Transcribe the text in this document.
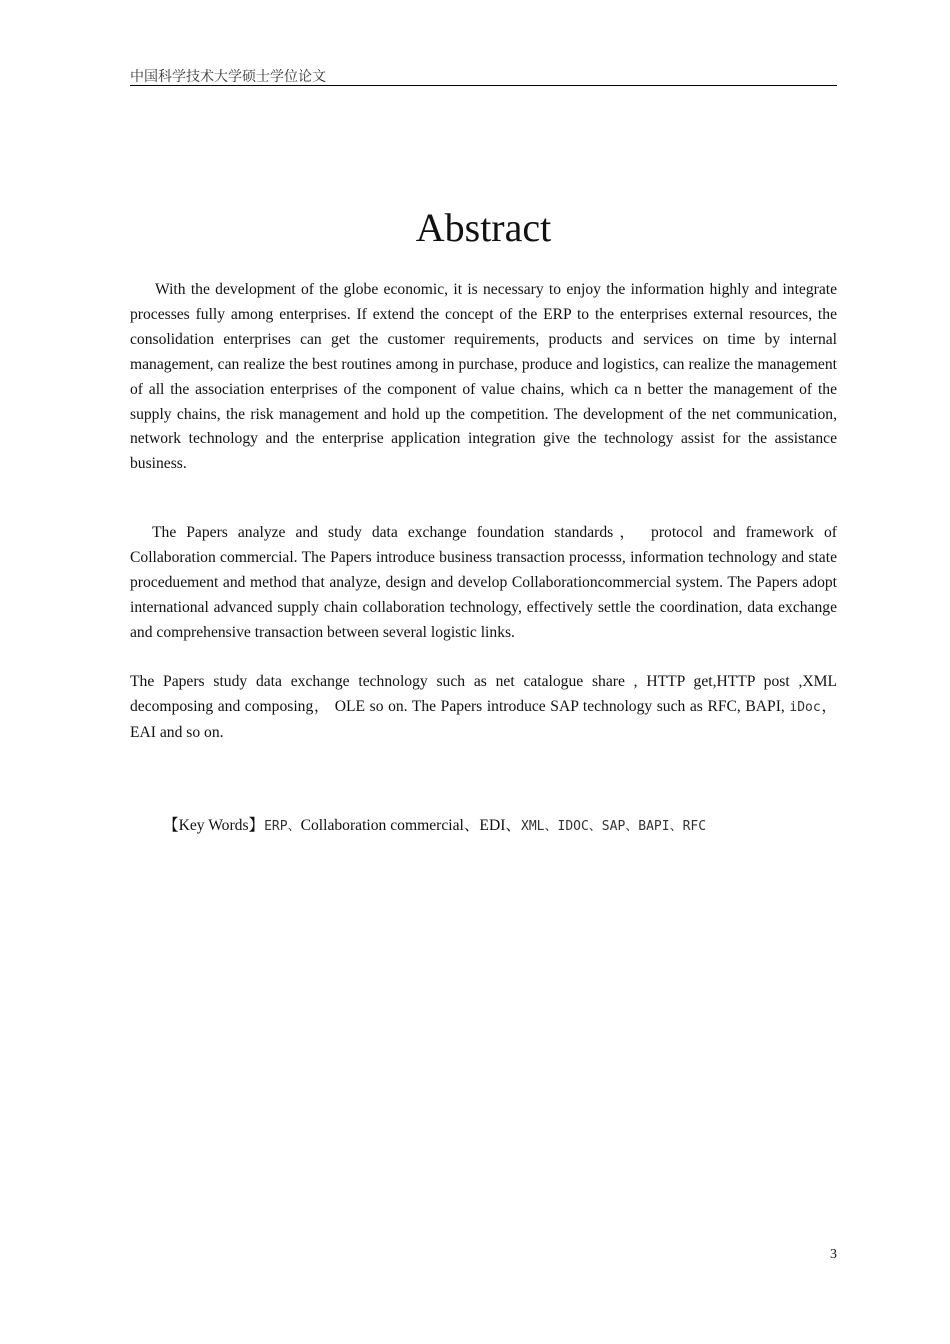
中国科学技术大学硕士学位论文
Abstract

With the development of the globe economic, it is necessary to enjoy the information highly and integrate processes fully among enterprises. If extend the concept of the ERP to the enterprises external resources, the consolidation enterprises can get the customer requirements, products and services on time by internal management, can realize the best routines among in purchase, produce and logistics, can realize the management of all the association enterprises of the component of value chains, which ca n better the management of the supply chains, the risk management and hold up the competition. The development of the net communication, network technology and the enterprise application integration give the technology assist for the assistance business.

The Papers analyze and study data exchange foundation standards， protocol and framework of Collaboration commercial. The Papers introduce business transaction processs, information technology and state proceduement and method that analyze, design and develop Collaborationcommercial system. The Papers adopt international advanced supply chain collaboration technology, effectively settle the coordination, data exchange and comprehensive transaction between several logistic links.

The Papers study data exchange technology such as net catalogue share , HTTP get,HTTP post ,XML decomposing and composing， OLE so on. The Papers introduce SAP technology such as RFC, BAPI, iDoc，EAI and so on.

【Key Words】ERP、Collaboration commercial、EDI、XML、IDOC、SAP、BAPI、RFC
3
